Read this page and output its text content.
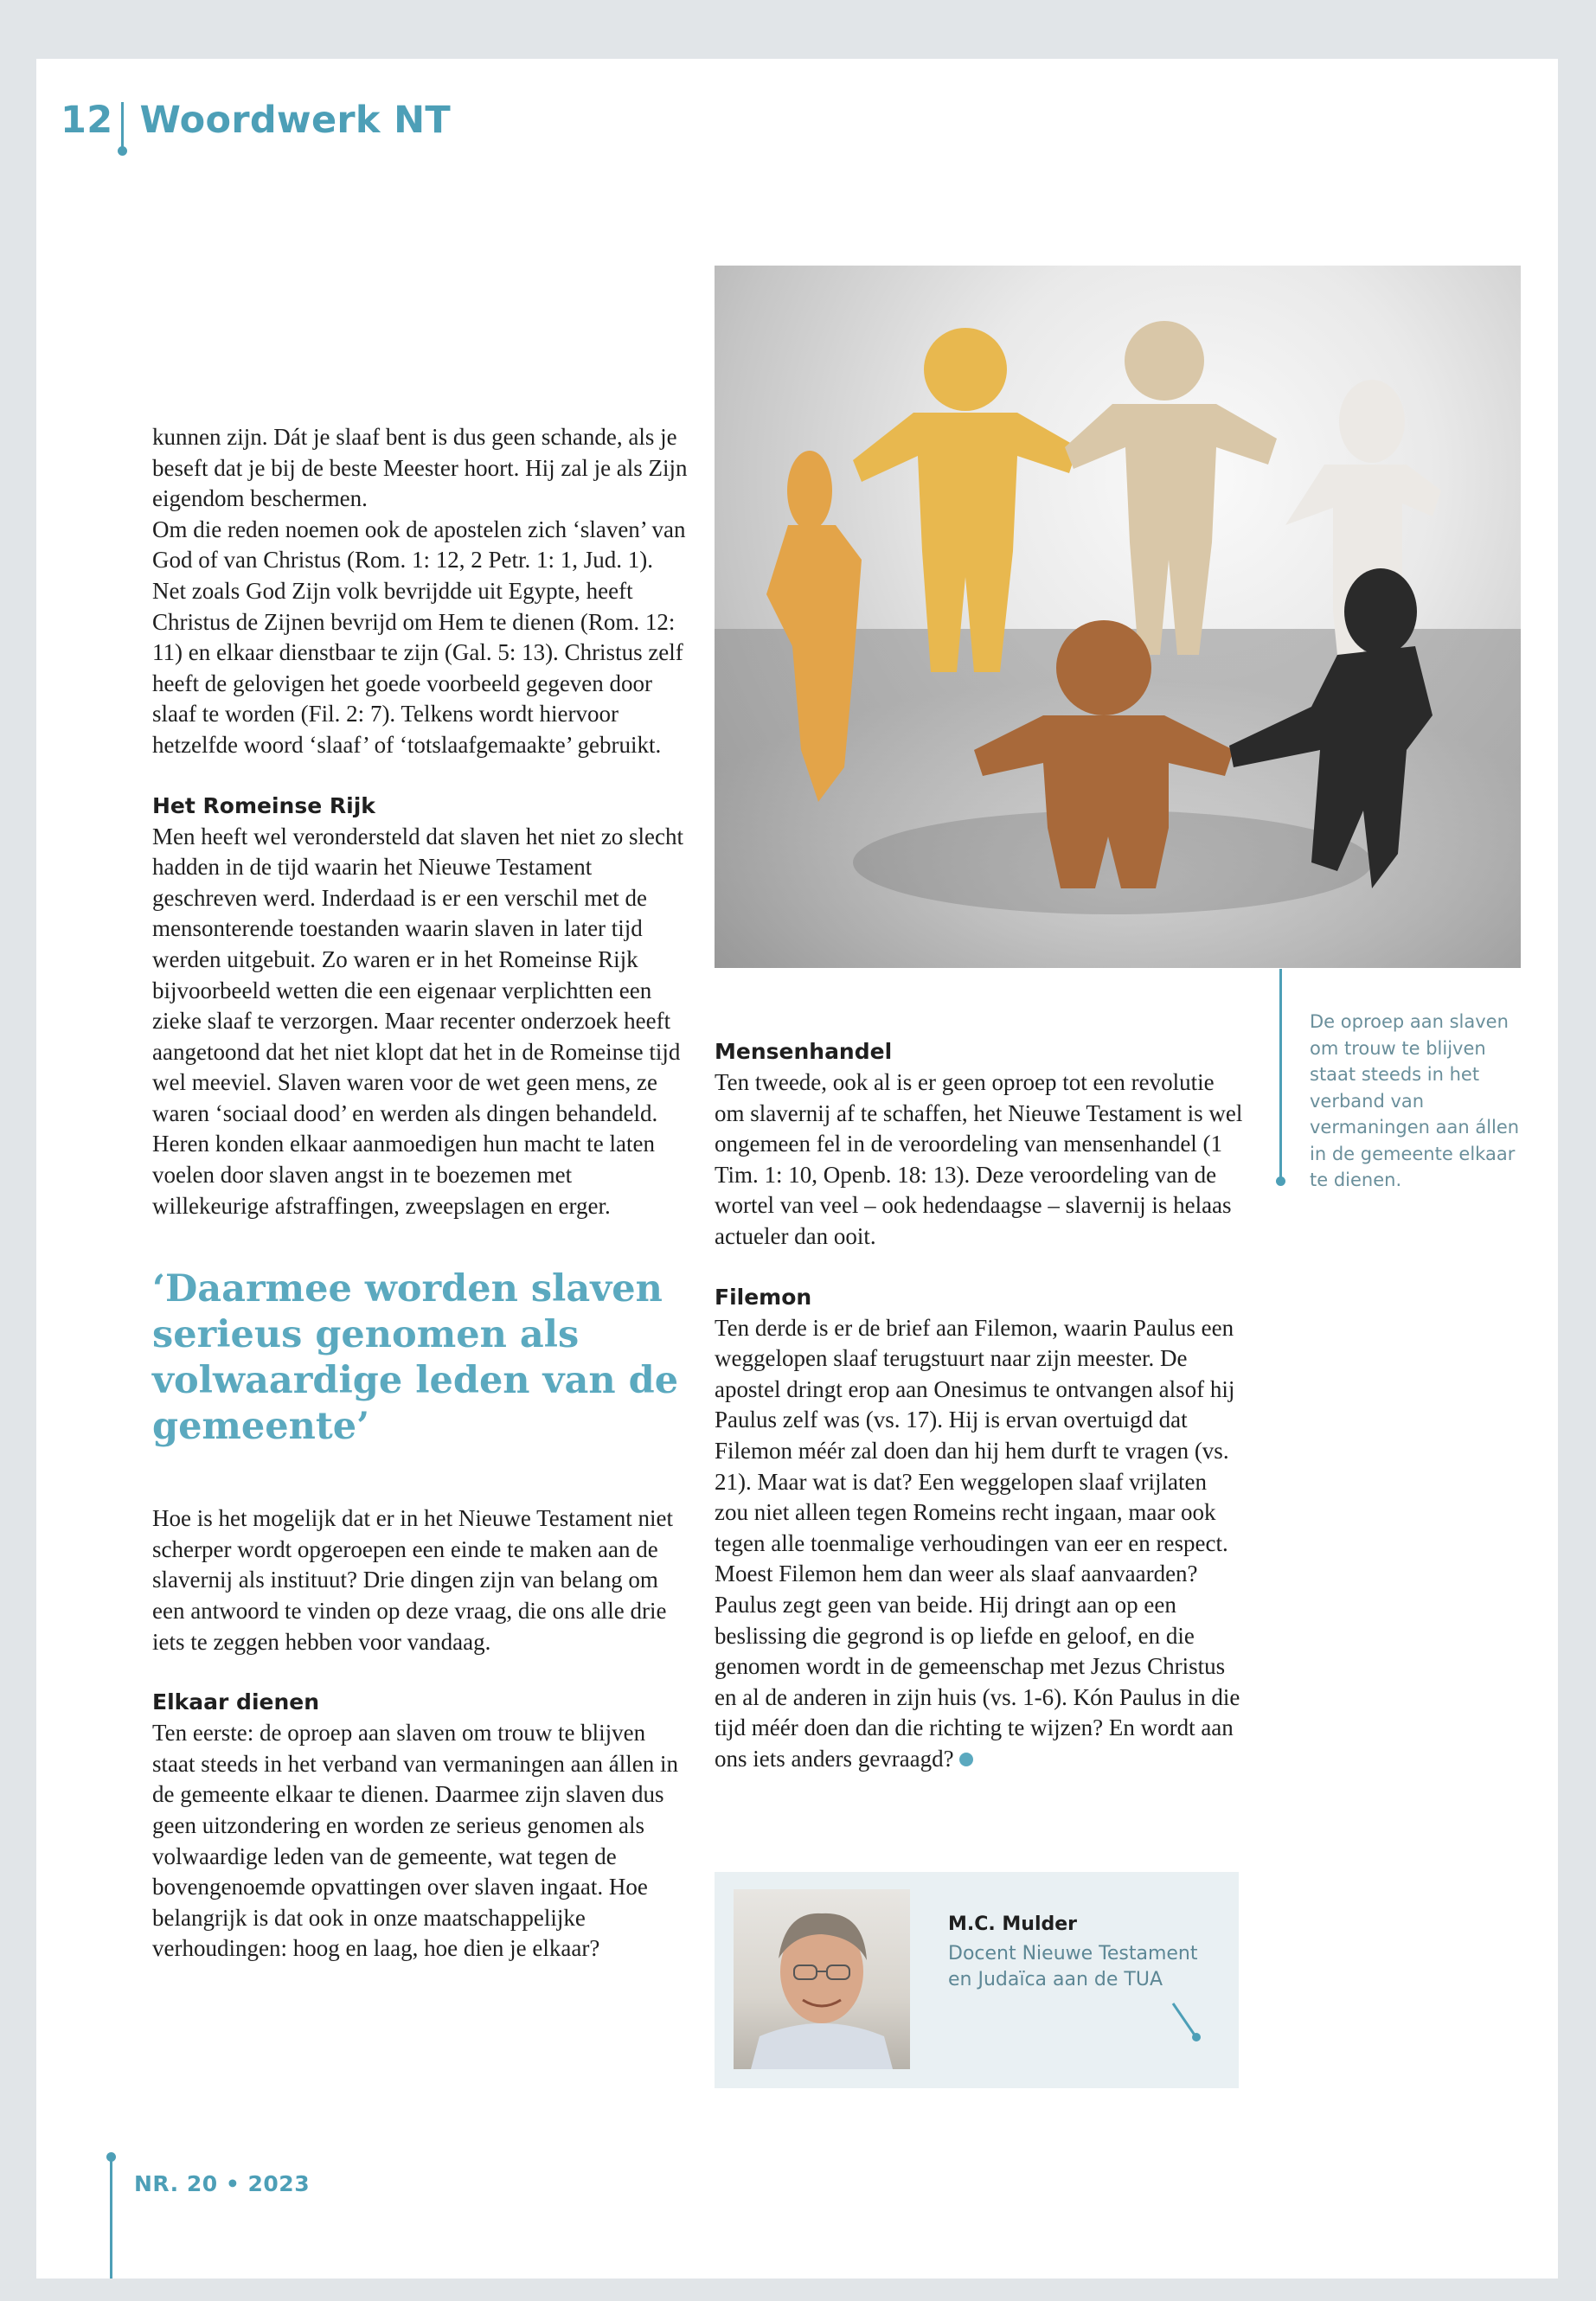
12 Woordwerk NT
De oproep aan slaven om trouw te blijven staat steeds in het verband van vermaningen aan állen in de gemeente elkaar te dienen.

kunnen zijn. Dát je slaaf bent is dus geen schande, als je beseft dat je bij de beste Meester hoort. Hij zal je als Zijn eigendom beschermen.

Om die reden noemen ook de apostelen zich ‘slaven’ van God of van Christus (Rom. 1: 12, 2 Petr. 1: 1, Jud. 1). Net zoals God Zijn volk bevrijdde uit Egypte, heeft Christus de Zijnen bevrijd om Hem te dienen (Rom. 12: 11) en elkaar dienstbaar te zijn (Gal. 5: 13). Christus zelf heeft de gelovigen het goede voorbeeld gegeven door slaaf te worden (Fil. 2: 7). Telkens wordt hiervoor hetzelfde woord ‘slaaf’ of ‘totslaafgemaakte’ gebruikt.

Het Romeinse Rijk

Men heeft wel verondersteld dat slaven het niet zo slecht hadden in de tijd waarin het Nieuwe Testament geschreven werd. Inderdaad is er een verschil met de mensonterende toestanden waarin slaven in later tijd werden uitgebuit. Zo waren er in het Romeinse Rijk bijvoorbeeld wetten die een eigenaar verplichtten een zieke slaaf te verzorgen. Maar recenter onderzoek heeft aangetoond dat het niet klopt dat het in de Romeinse tijd wel meeviel. Slaven waren voor de wet geen mens, ze waren ‘sociaal dood’ en werden als dingen behandeld. Heren konden elkaar aanmoedigen hun macht te laten voelen door slaven angst in te boezemen met willekeurige afstraffingen, zweepslagen en erger.

‘Daarmee worden slaven serieus genomen als volwaardige leden van de gemeente’

Hoe is het mogelijk dat er in het Nieuwe Testament niet scherper wordt opgeroepen een einde te maken aan de slavernij als instituut? Drie dingen zijn van belang om een antwoord te vinden op deze vraag, die ons alle drie iets te zeggen hebben voor vandaag.

Elkaar dienen

Ten eerste: de oproep aan slaven om trouw te blijven staat steeds in het verband van vermaningen aan állen in de gemeente elkaar te dienen. Daarmee zijn slaven dus geen uitzondering en worden ze serieus genomen als volwaardige leden van de gemeente, wat tegen de bovengenoemde opvattingen over slaven ingaat. Hoe belangrijk is dat ook in onze maatschappelijke verhoudingen: hoog en laag, hoe dien je elkaar?

Mensenhandel

Ten tweede, ook al is er geen oproep tot een revolutie om slavernij af te schaffen, het Nieuwe Testament is wel ongemeen fel in de veroordeling van mensenhandel (1 Tim. 1: 10, Openb. 18: 13). Deze veroordeling van de wortel van veel – ook hedendaagse – slavernij is helaas actueler dan ooit.

Filemon

Ten derde is er de brief aan Filemon, waarin Paulus een weggelopen slaaf terugstuurt naar zijn meester. De apostel dringt erop aan Onesimus te ontvangen alsof hij Paulus zelf was (vs. 17). Hij is ervan overtuigd dat Filemon méér zal doen dan hij hem durft te vragen (vs. 21). Maar wat is dat? Een weggelopen slaaf vrijlaten zou niet alleen tegen Romeins recht ingaan, maar ook tegen alle toenmalige verhoudingen van eer en respect. Moest Filemon hem dan weer als slaaf aanvaarden? Paulus zegt geen van beide. Hij dringt aan op een beslissing die gegrond is op liefde en geloof, en die genomen wordt in de gemeenschap met Jezus Christus en al de anderen in zijn huis (vs. 1-6). Kón Paulus in die tijd méér doen dan die richting te wijzen? En wordt aan ons iets anders gevraagd?

M.C. Mulder
Docent Nieuwe Testament en Judaïca aan de TUA
NR. 20 • 2023
